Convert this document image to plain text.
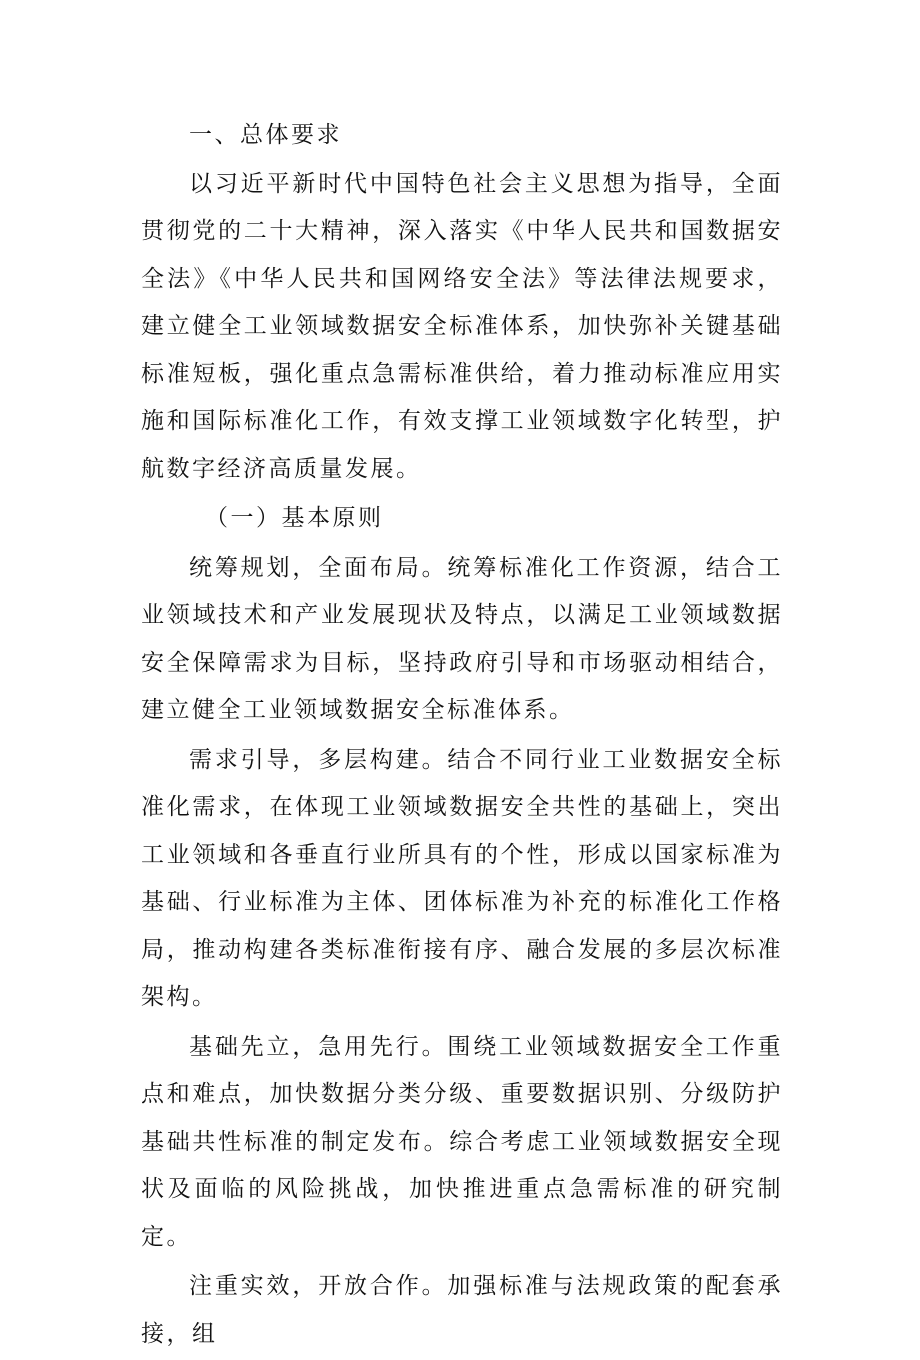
一、总体要求

以习近平新时代中国特色社会主义思想为指导，全面贯彻党的二十大精神，深入落实《中华人民共和国数据安全法》《中华人民共和国网络安全法》等法律法规要求，建立健全工业领域数据安全标准体系，加快弥补关键基础标准短板，强化重点急需标准供给，着力推动标准应用实施和国际标准化工作，有效支撑工业领域数字化转型，护航数字经济高质量发展。

（一）基本原则

统筹规划，全面布局。统筹标准化工作资源，结合工业领域技术和产业发展现状及特点，以满足工业领域数据安全保障需求为目标，坚持政府引导和市场驱动相结合，建立健全工业领域数据安全标准体系。

需求引导，多层构建。结合不同行业工业数据安全标准化需求，在体现工业领域数据安全共性的基础上，突出工业领域和各垂直行业所具有的个性，形成以国家标准为基础、行业标准为主体、团体标准为补充的标准化工作格局，推动构建各类标准衔接有序、融合发展的多层次标准架构。

基础先立，急用先行。围绕工业领域数据安全工作重点和难点，加快数据分类分级、重要数据识别、分级防护基础共性标准的制定发布。综合考虑工业领域数据安全现状及面临的风险挑战，加快推进重点急需标准的研究制定。

注重实效，开放合作。加强标准与法规政策的配套承接，组
